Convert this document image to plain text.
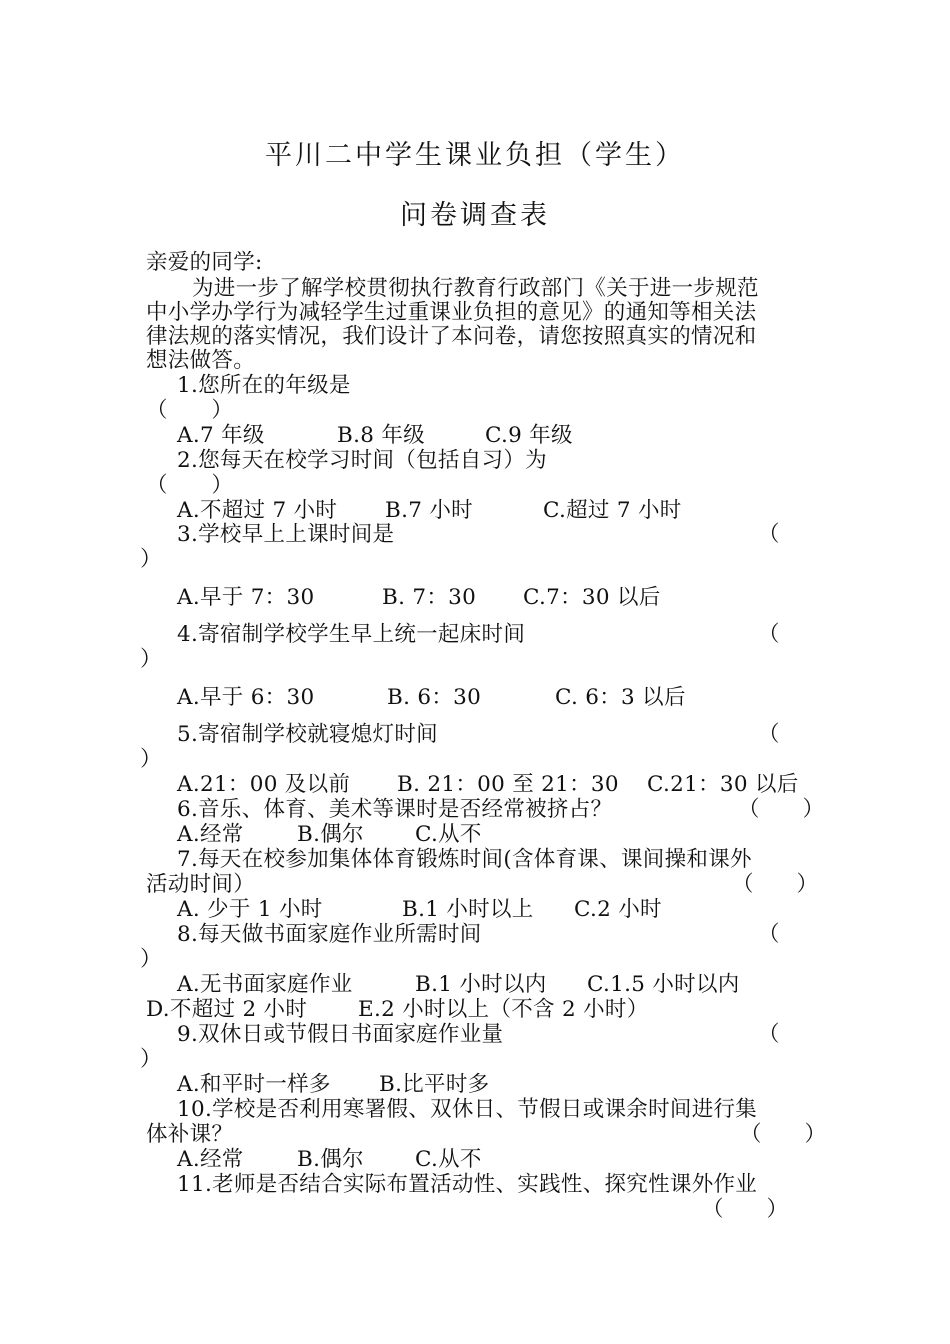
平川二中学生课业负担（学生）
问卷调查表
亲爱的同学:
为进一步了解学校贯彻执行教育行政部门《关于进一步规范
中小学办学行为减轻学生过重课业负担的意见》的通知等相关法
律法规的落实情况，我们设计了本问卷，请您按照真实的情况和
想法做答。
1.您所在的年级是
（　　）
A.7 年级	B.8 年级	C.9 年级
2.您每天在校学习时间（包括自习）为
（　　）
A.不超过 7 小时 B.7 小时	C.超过 7 小时
3.学校早上上课时间是	（
）
A.早于 7：30	B. 7：30 C.7：30 以后
4.寄宿制学校学生早上统一起床时间	（
）
A.早于 6：30	B. 6：30	C. 6：3 以后
5.寄宿制学校就寝熄灯时间	（
）
A.21：00 及以前 B. 21：00 至 21：30 C.21：30 以后
6.音乐、体育、美术等课时是否经常被挤占？	（　　）
A.经常 B.偶尔 C.从不
7.每天在校参加集体体育锻炼时间(含体育课、课间操和课外
活动时间）	（　　）
A. 少于 1 小时	B.1 小时以上 C.2 小时
8.每天做书面家庭作业所需时间	（
）
A.无书面家庭作业	B.1 小时以内 C.1.5 小时以内
D.不超过 2 小时 E.2 小时以上（不含 2 小时）
9.双休日或节假日书面家庭作业量	（
）
A.和平时一样多 B.比平时多
10.学校是否利用寒署假、双休日、节假日或课余时间进行集
体补课？	（　　）
A.经常 B.偶尔 C.从不
11.老师是否结合实际布置活动性、实践性、探究性课外作业
（　　）
